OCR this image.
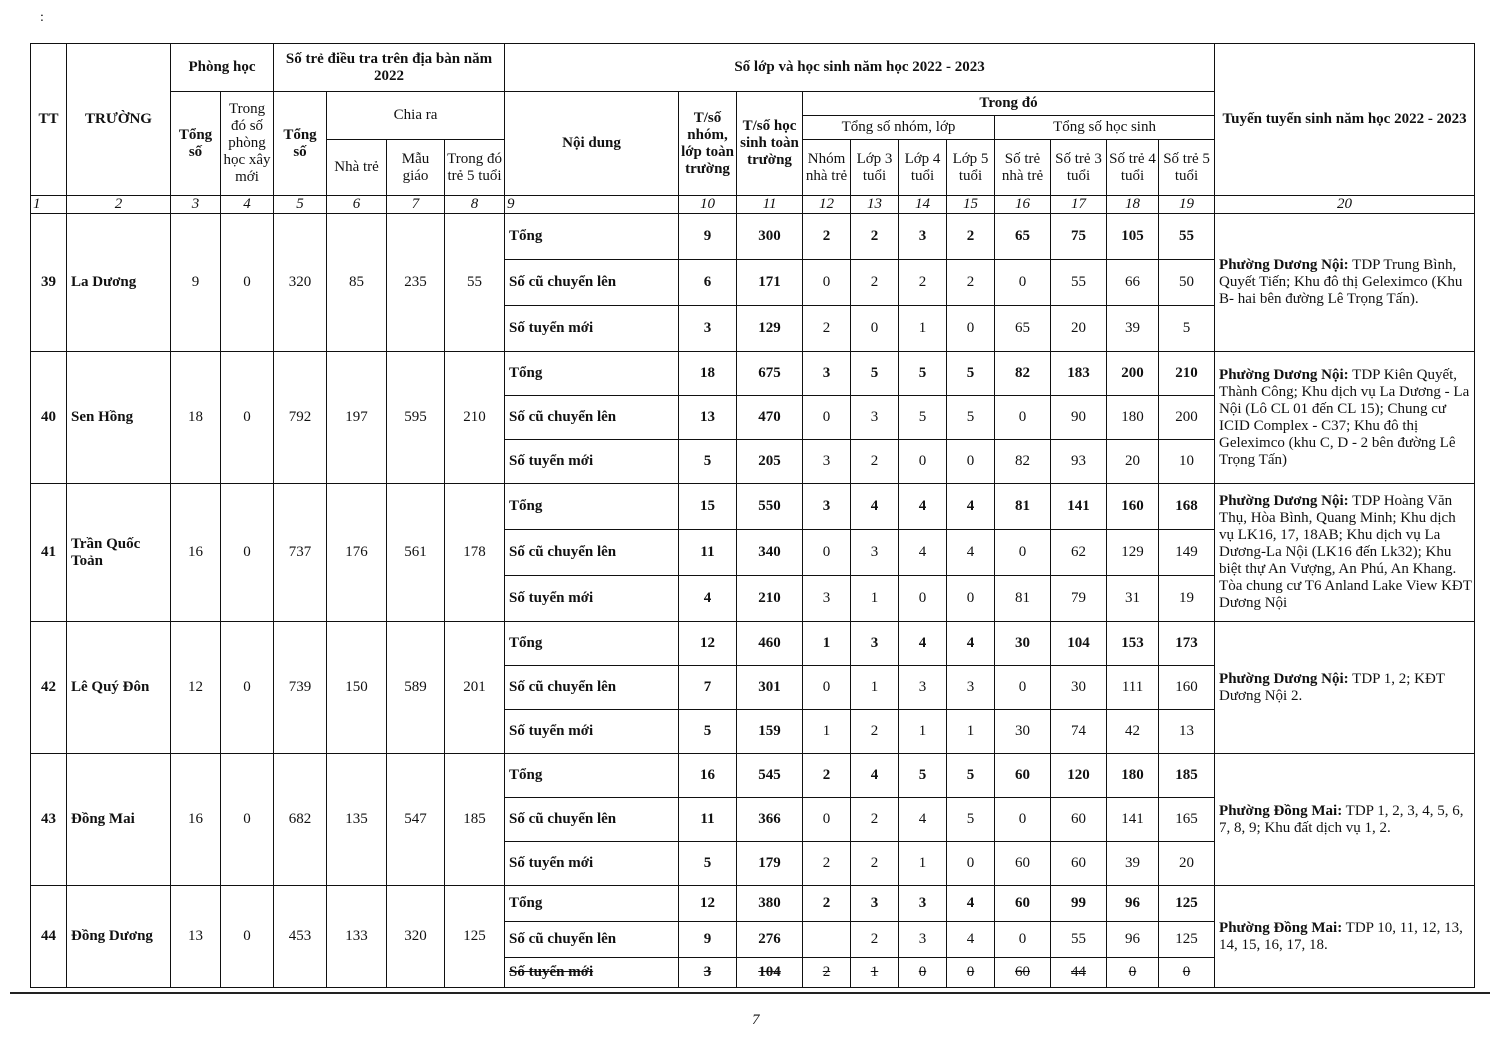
:
TT	TRƯỜNG	Phòng học		Số trẻ điều tra trên địa bàn năm 2022				Số lớp và học sinh năm học 2022 - 2023											Tuyến tuyển sinh năm học 2022 - 2023
		Tổng số	Trong đó số phòng học xây mới	Tổng số	Chia ra			Nội dung	T/số nhóm, lớp toàn trường	T/số học sinh toàn trường	Trong đó								
											Tổng số nhóm, lớp				Tổng số học sinh				
					Nhà trẻ	Mẫu giáo	Trong đó trẻ 5 tuổi				Nhóm nhà trẻ	Lớp 3 tuổi	Lớp 4 tuổi	Lớp 5 tuổi	Số trẻ nhà trẻ	Số trẻ 3 tuổi	Số trẻ 4 tuổi	Số trẻ 5 tuổi	
1	2	3	4	5	6	7	8	9	10	11	12	13	14	15	16	17	18	19	20
39	La Dương	9	0	320	85	235	55	Tổng	9	300	2	2	3	2	65	75	105	55	Phường Dương Nội: TDP Trung Bình, Quyết Tiến; Khu đô thị Geleximco (Khu B- hai bên đường Lê Trọng Tấn).
								Số cũ chuyển lên	6	171	0	2	2	2	0	55	66	50	
								Số tuyển mới	3	129	2	0	1	0	65	20	39	5	
40	Sen Hồng	18	0	792	197	595	210	Tổng	18	675	3	5	5	5	82	183	200	210	Phường Dương Nội: TDP Kiên Quyết, Thành Công; Khu dịch vụ La Dương - La Nội (Lô CL 01 đến CL 15); Chung cư ICID Complex - C37; Khu đô thị Geleximco (khu C, D - 2 bên đường Lê Trọng Tấn)
								Số cũ chuyển lên	13	470	0	3	5	5	0	90	180	200	
								Số tuyển mới	5	205	3	2	0	0	82	93	20	10	
41	Trần Quốc Toản	16	0	737	176	561	178	Tổng	15	550	3	4	4	4	81	141	160	168	Phường Dương Nội: TDP Hoàng Văn Thụ, Hòa Bình, Quang Minh; Khu dịch vụ LK16, 17, 18AB; Khu dịch vụ La Dương-La Nội (LK16 đến Lk32); Khu biệt thự An Vượng, An Phú, An Khang. Tòa chung cư T6 Anland Lake View KĐT Dương Nội
								Số cũ chuyển lên	11	340	0	3	4	4	0	62	129	149	
								Số tuyển mới	4	210	3	1	0	0	81	79	31	19	
42	Lê Quý Đôn	12	0	739	150	589	201	Tổng	12	460	1	3	4	4	30	104	153	173	Phường Dương Nội: TDP 1, 2; KĐT Dương Nội 2.
								Số cũ chuyển lên	7	301	0	1	3	3	0	30	111	160	
								Số tuyển mới	5	159	1	2	1	1	30	74	42	13	
43	Đồng Mai	16	0	682	135	547	185	Tổng	16	545	2	4	5	5	60	120	180	185	Phường Đồng Mai: TDP 1, 2, 3, 4, 5, 6, 7, 8, 9; Khu đất dịch vụ 1, 2.
								Số cũ chuyển lên	11	366	0	2	4	5	0	60	141	165	
								Số tuyển mới	5	179	2	2	1	0	60	60	39	20	
44	Đồng Dương	13	0	453	133	320	125	Tổng	12	380	2	3	3	4	60	99	96	125	Phường Đồng Mai: TDP 10, 11, 12, 13, 14, 15, 16, 17, 18.
								Số cũ chuyển lên	9	276		2	3	4	0	55	96	125	
								Số tuyển mới	3	104	2	1	0	0	60	44	0	0	
7
